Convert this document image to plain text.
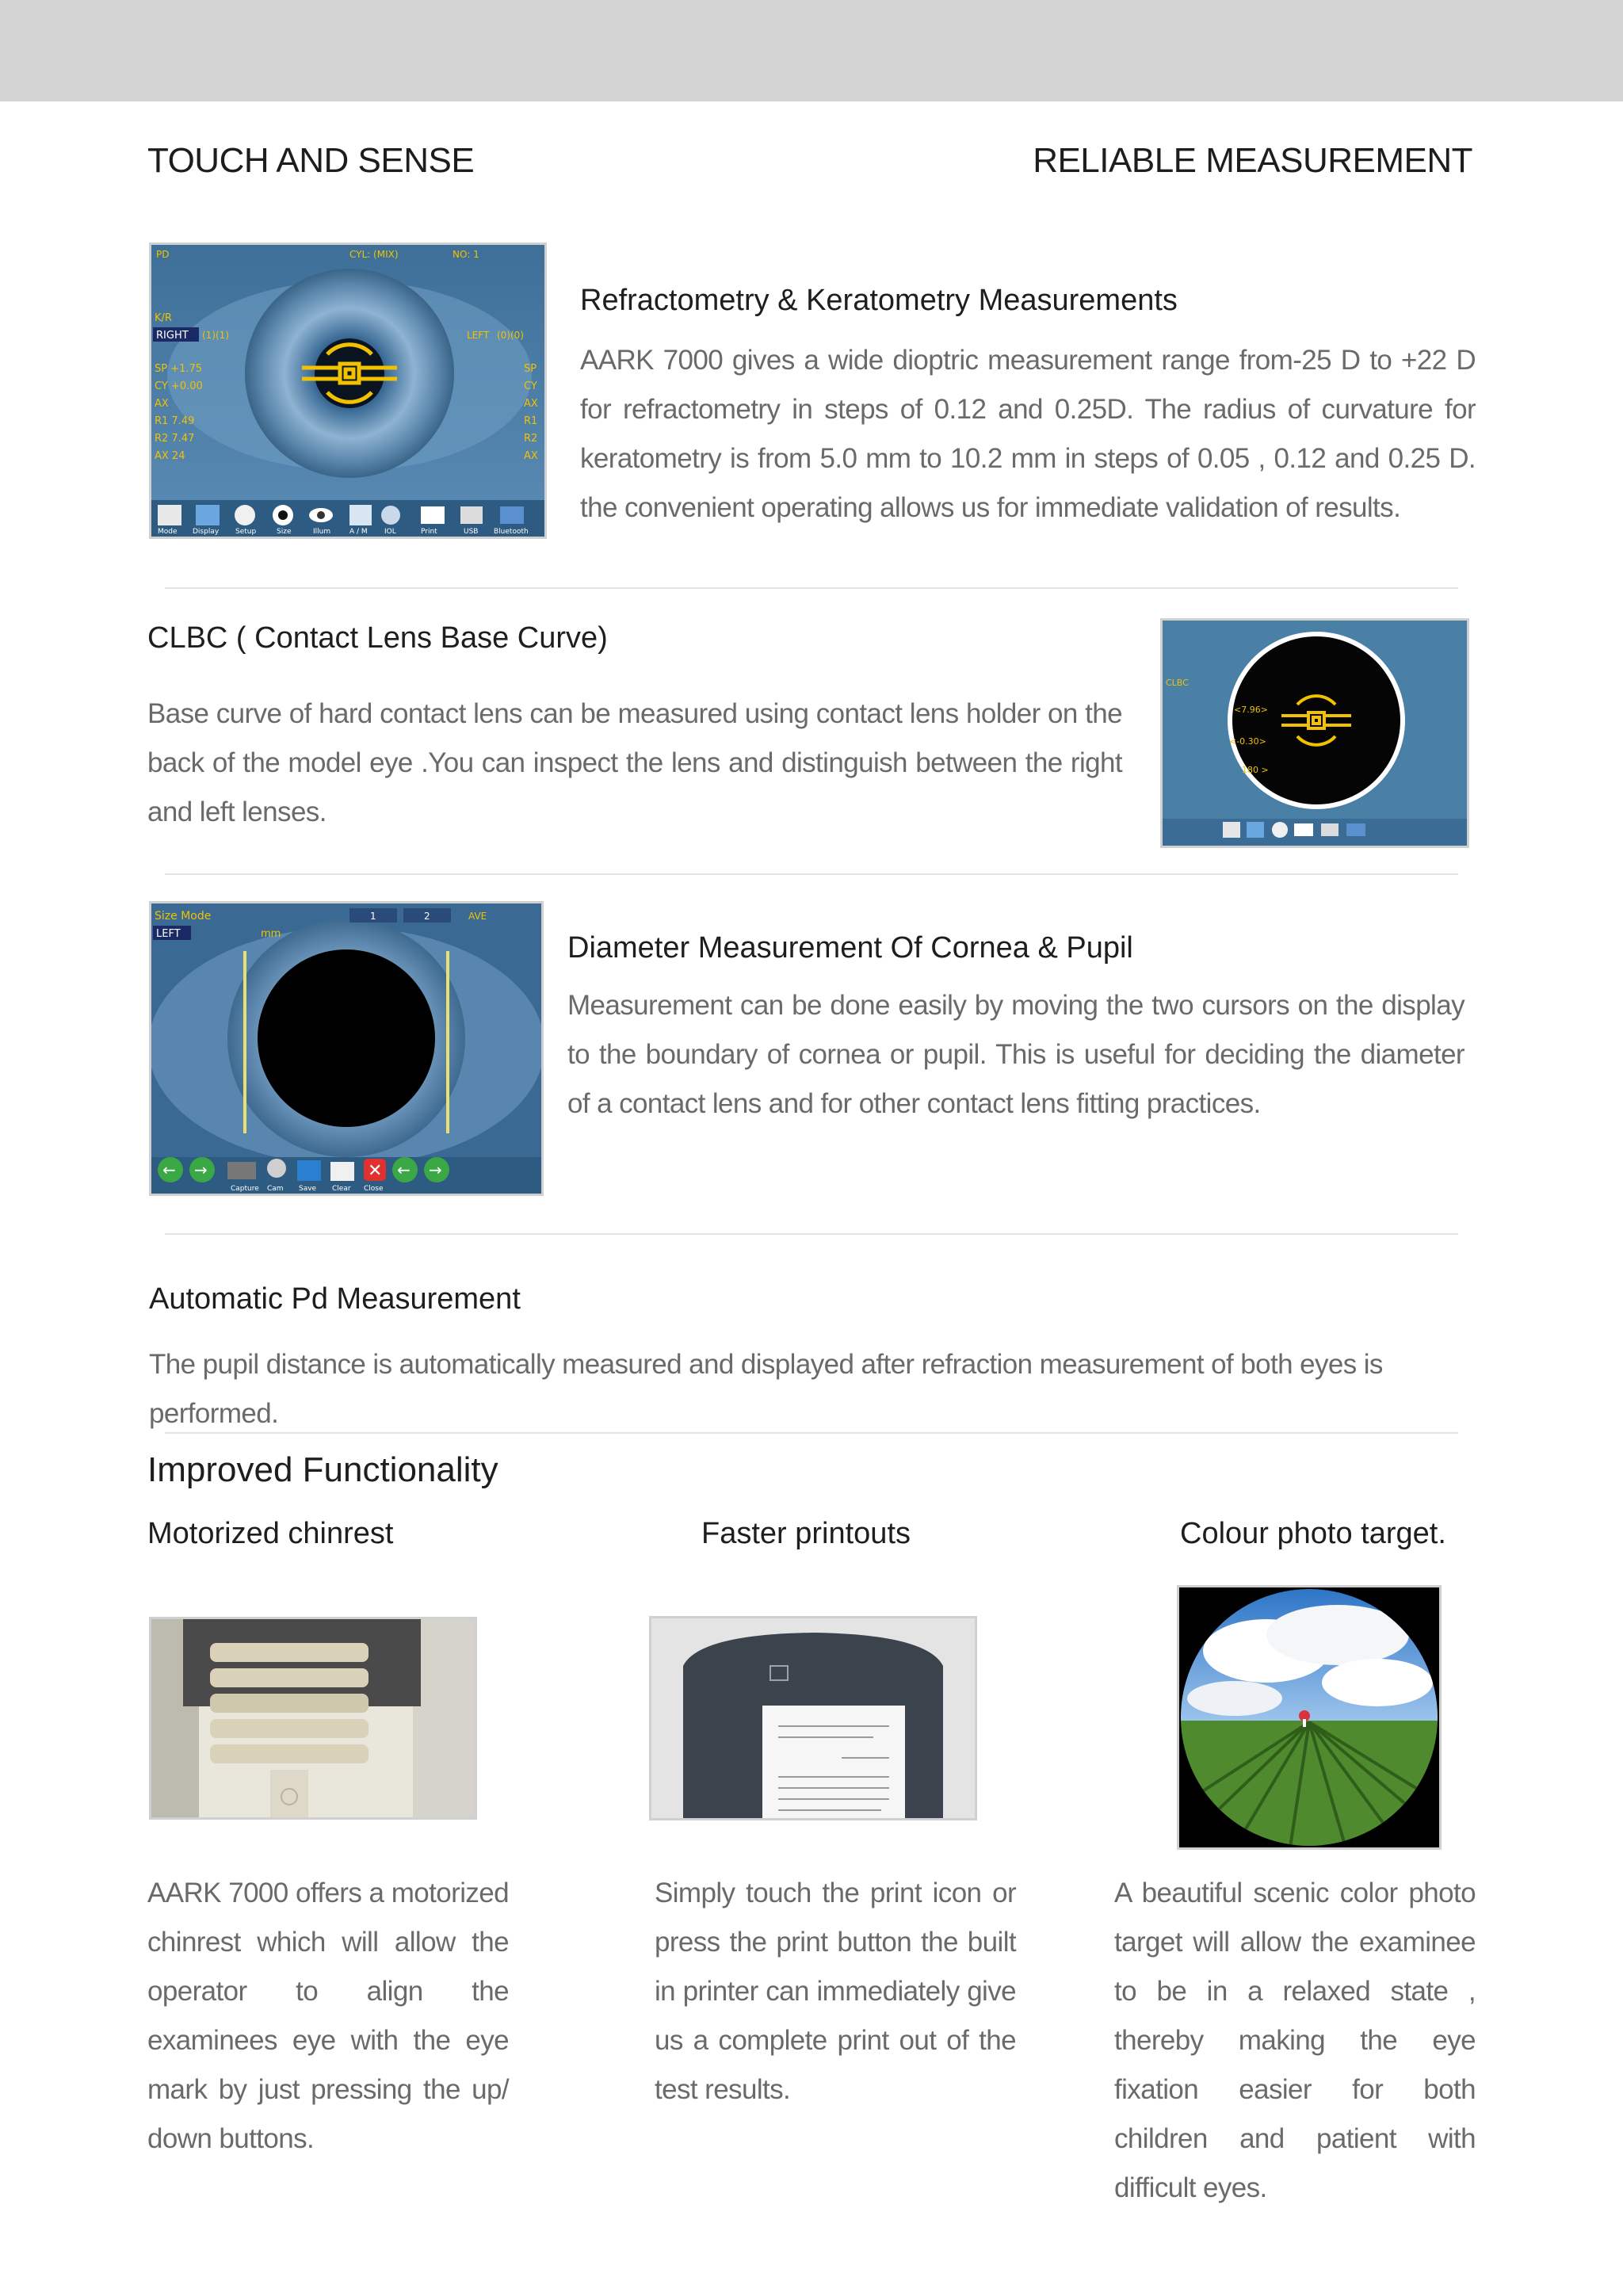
TOUCH AND SENSE	RELIABLE MEASUREMENT
PD	CYL: (MIX)	NO: 1
K/R
RIGHT (1)(1)	LEFT (0)(0)
SP +1.75
CY +0.00
AX
R1 7.49
R2 7.47
AX 24
SP
CY
AX
R1
R2
AX
Mode Display Setup	Size	Illum	A / M IOL	Print	USB Bluetooth
Refractometry & Keratometry Measurements
AARK 7000 gives a wide dioptric measurement range from-25 D to +22 D for refractometry in steps of 0.12 and 0.25D. The radius of curvature for keratometry is from 5.0 mm to 10.2 mm in steps of 0.05 , 0.12 and 0.25 D. the convenient operating allows us for immediate validation of results.
CLBC ( Contact Lens Base Curve)
Base curve of hard contact lens can be measured using contact lens holder on the back of the model eye .You can inspect the lens and distinguish between the right and left lenses.
CLBC
<7.96>
<-0.30>
180 >
Size Mode
LEFT	mm
1	2	AVE
← →	✕ ← →
Capture Cam Save Clear Close
Diameter Measurement Of Cornea & Pupil
Measurement can be done easily by moving the two cursors on the display to the boundary of cornea or pupil. This is useful for deciding the diameter of a contact lens and for other contact lens fitting practices.
Automatic Pd Measurement
The pupil distance is automatically measured and displayed after refraction measurement of both eyes is performed.
Improved Functionality
Motorized chinrest	Faster printouts	Colour photo target.
AARK 7000 offers a motorized chinrest which will allow the operator to align the examinees eye with the eye mark by just pressing the up/ down buttons.
Simply touch the print icon or press the print button the built in printer can immediately give us a complete print out of the test results.
A beautiful scenic color photo target will allow the examinee to be in a relaxed state , thereby making the eye fixation easier for both children and patient with difficult eyes.
